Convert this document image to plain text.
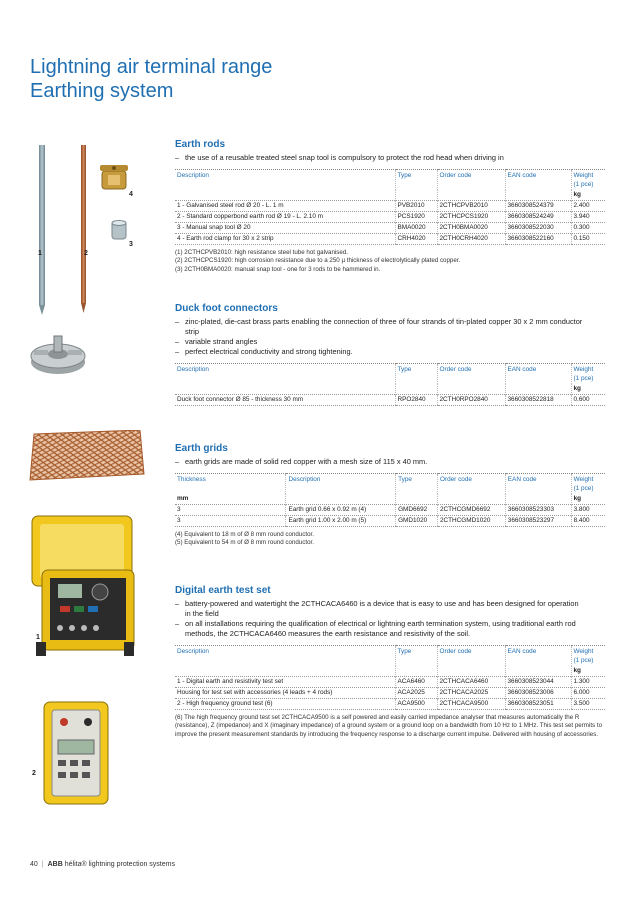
Lightning air terminal range
Earthing system
1	2
4
3
1
2
Earth rods
– the use of a reusable treated steel snap tool is compulsory to protect the rod head when driving in
Description	Type	Order code	EAN code	Weight
(1 pce)
				kg
1 - Galvanised steel rod Ø 20 - L. 1 m	PVB2010	2CTHCPVB2010	3660308524379	2.400
2 - Standard copperbond earth rod Ø 19 - L. 2.10 m	PCS1920	2CTHCPCS1920	3660308524249	3.940
3 - Manual snap tool Ø 20	BMA0020	2CTH0BMA0020	3660308522030	0.300
4 - Earth rod clamp for 30 x 2 strip	CRH4020	2CTH0CRH4020	3660308522160	0.150
(1) 2CTHCPVB2010: high resistance steel tube hot galvanised.
(2) 2CTHCPCS1920: high corrosion resistance due to a 250 µ thickness of electrolytically plated copper.
(3) 2CTH0BMA0020: manual snap tool - one for 3 rods to be hammered in.
Duck foot connectors
– zinc-plated, die-cast brass parts enabling the connection of three of four strands of tin-plated copper 30 x 2 mm conductor strip
– variable strand angles
– perfect electrical conductivity and strong tightening.
Description	Type	Order code	EAN code	Weight
(1 pce)
				kg
Duck foot connector Ø 85 - thickness 30 mm	RPO2840	2CTH0RPO2840	3660308522818	0.600
Earth grids
– earth grids are made of solid red copper with a mesh size of 115 x 40 mm.
Thickness	Description	Type	Order code	EAN code	Weight
(1 pce)
mm					kg
3	Earth grid 0.66 x 0.92 m (4)	GMD6692	2CTHCGMD6692	3660308523303	3.800
3	Earth grid 1.00 x 2.00 m (5)	GMD1020	2CTHCGMD1020	3660308523297	8.400
(4) Equivalent to 18 m of Ø 8 mm round conductor.
(5) Equivalent to 54 m of Ø 8 mm round conductor.
Digital earth test set
– battery-powered and watertight the 2CTHCACA6460 is a device that is easy to use and has been designed for operation in the field
– on all installations requiring the qualification of electrical or lightning earth termination system, using traditional earth rod methods, the 2CTHCACA6460 measures the earth resistance and resistivity of the soil.
Description	Type	Order code	EAN code	Weight
(1 pce)
				kg
1 - Digital earth and resistivity test set	ACA6460	2CTHCACA6460	3660308523044	1.300
Housing for test set with accessories (4 leads + 4 rods)	ACA2025	2CTHCACA2025	3660308523006	6.000
2 - High frequency ground test (6)	ACA9500	2CTHCACA9500	3660308523051	3.500
(6) The high frequency ground test set 2CTHCACA9500 is a self powered and easily carried impedance analyser that measures automatically the R (resistance), Z (impedance) and X (imaginary impedance) of a ground system or a ground loop on a bandwidth from 10 Hz to 1 MHz. This test set permits to improve the present measurement standards by introducing the frequency response to a discharge current impulse. Delivered with housing of accessories.
40 | ABB hélita® lightning protection systems
